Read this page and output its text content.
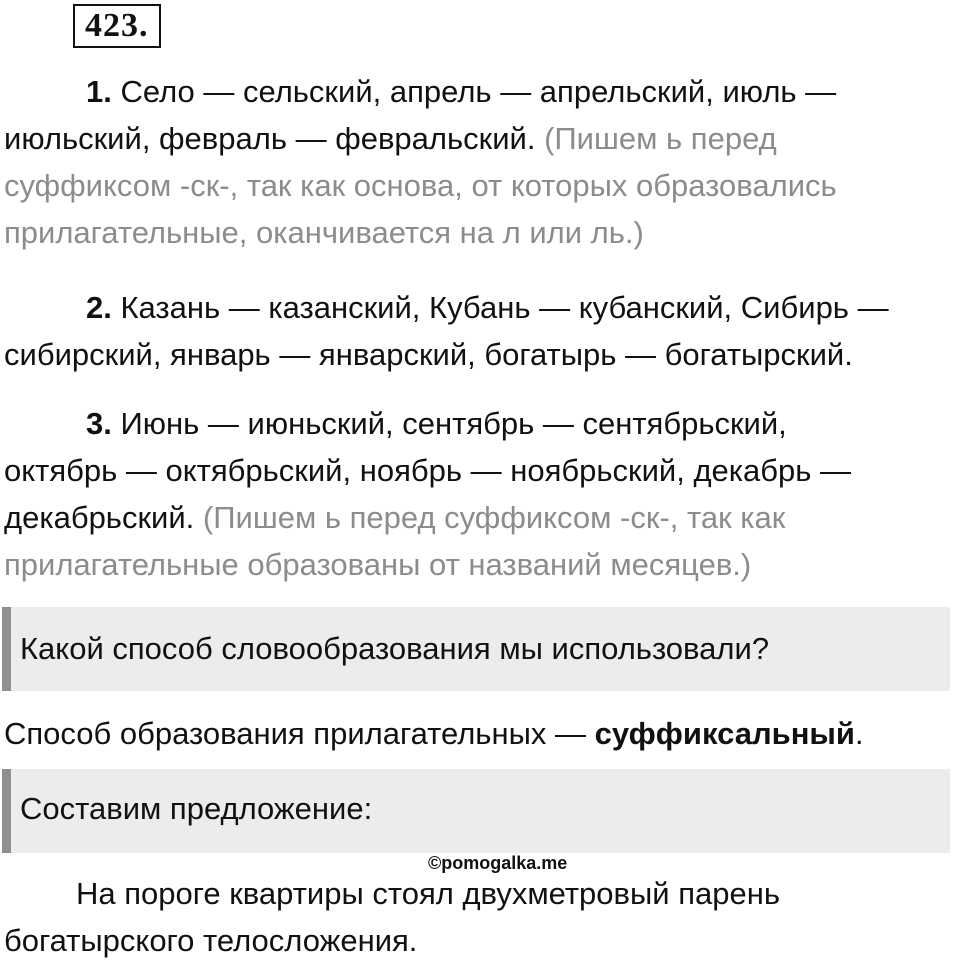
423.
1. Село — сельский, апрель — апрельский, июль —
июльский, февраль — февральский. (Пишем ь перед
суффиксом -ск-, так как основа, от которых образовались
прилагательные, оканчивается на л или ль.)
2. Казань — казанский, Кубань — кубанский, Сибирь —
сибирский, январь — январский, богатырь — богатырский.
3. Июнь — июньский, сентябрь — сентябрьский,
октябрь — октябрьский, ноябрь — ноябрьский, декабрь —
декабрьский. (Пишем ь перед суффиксом -ск-, так как
прилагательные образованы от названий месяцев.)
Какой способ словообразования мы использовали?
Способ образования прилагательных — суффиксальный.
Составим предложение:
©pomogalka.me
На пороге квартиры стоял двухметровый парень
богатырского телосложения.
